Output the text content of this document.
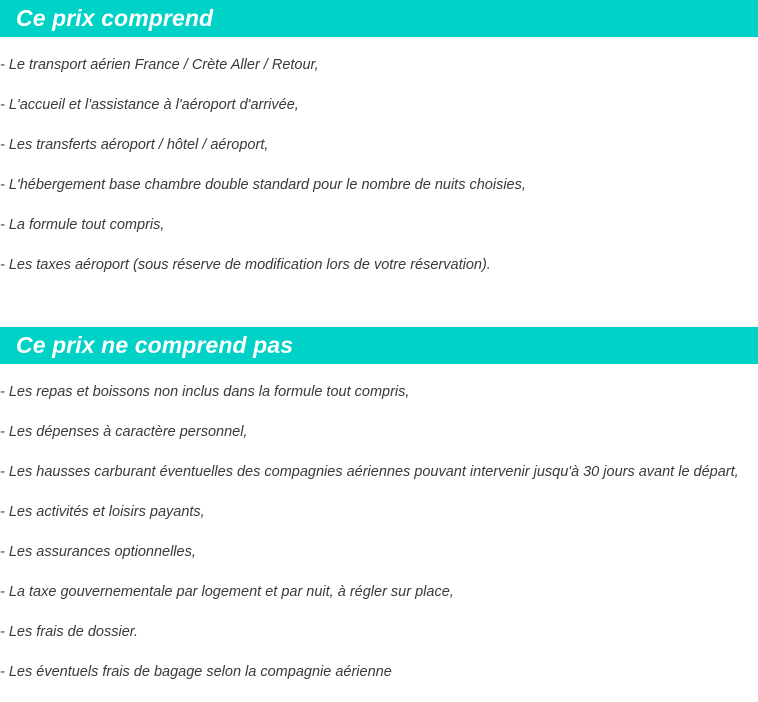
Ce prix comprend
- Le transport aérien France / Crète Aller / Retour,
- L'accueil et l'assistance à l'aéroport d'arrivée,
- Les transferts aéroport / hôtel / aéroport,
- L'hébergement base chambre double standard pour le nombre de nuits choisies,
- La formule tout compris,
- Les taxes aéroport (sous réserve de modification lors de votre réservation).
Ce prix ne comprend pas
- Les repas et boissons non inclus dans la formule tout compris,
- Les dépenses à caractère personnel,
- Les hausses carburant éventuelles des compagnies aériennes pouvant intervenir jusqu'à 30 jours avant le départ,
- Les activités et loisirs payants,
- Les assurances optionnelles,
- La taxe gouvernementale par logement et par nuit, à régler sur place,
- Les frais de dossier.
- Les éventuels frais de bagage selon la compagnie aérienne
